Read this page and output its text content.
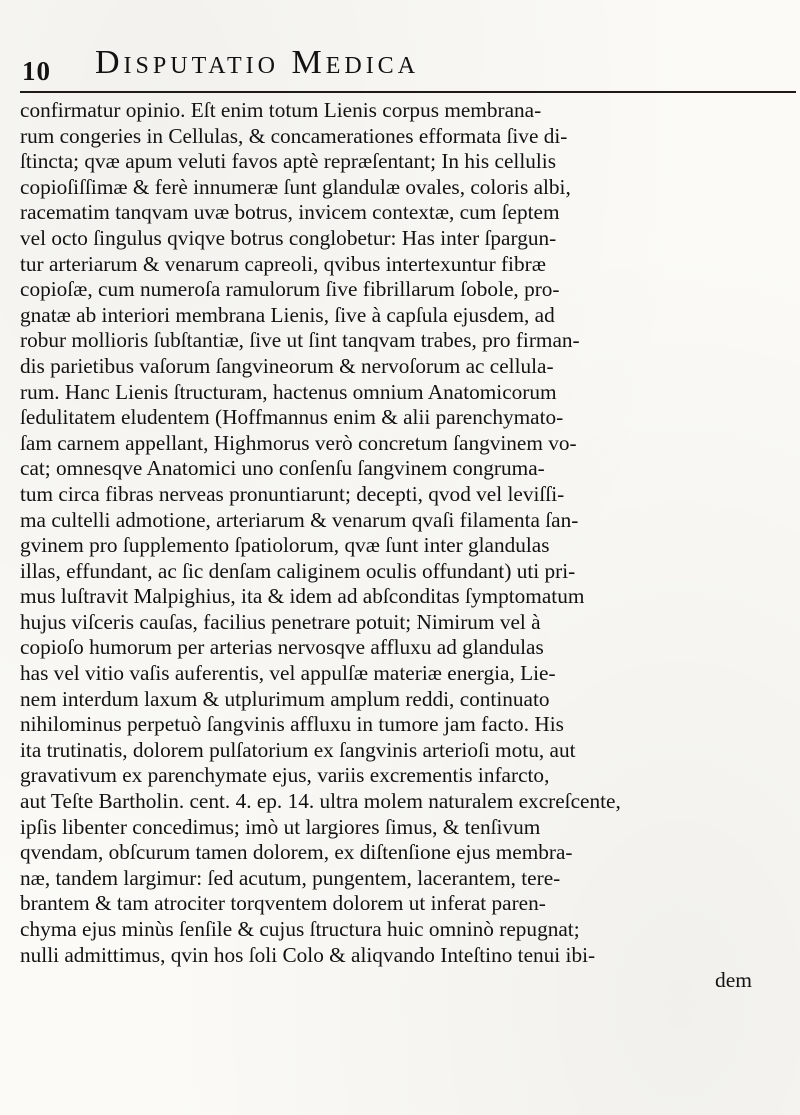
10 Disputatio Medica
confirmatur opinio. Eſt enim totum Lienis corpus membrana-
rum congeries in Cellulas, & concamerationes efformata ſive di-
ſtincta; qvæ apum veluti favos aptè repræſentant; In his cellulis
copioſiſſimæ & ferè innumeræ ſunt glandulæ ovales, coloris albi,
racematim tanqvam uvæ botrus, invicem contextæ, cum ſeptem
vel octo ſingulus qviqve botrus conglobetur: Has inter ſpargun-
tur arteriarum & venarum capreoli, qvibus intertexuntur fibræ
copioſæ, cum numeroſa ramulorum ſive fibrillarum ſobole, pro-
gnatæ ab interiori membrana Lienis, ſive à capſula ejusdem, ad
robur mollioris ſubſtantiæ, ſive ut ſint tanqvam trabes, pro firman-
dis parietibus vaſorum ſangvineorum & nervoſorum ac cellula-
rum. Hanc Lienis ſtructuram, hactenus omnium Anatomicorum
ſedulitatem eludentem (Hoffmannus enim & alii parenchymato-
ſam carnem appellant, Highmorus verò concretum ſangvinem vo-
cat; omnesqve Anatomici uno conſenſu ſangvinem congruma-
tum circa fibras nerveas pronuntiarunt; decepti, qvod vel leviſſi-
ma cultelli admotione, arteriarum & venarum qvaſi filamenta ſan-
gvinem pro ſupplemento ſpatiolorum, qvæ ſunt inter glandulas
illas, effundant, ac ſic denſam caliginem oculis offundant) uti pri-
mus luſtravit Malpighius, ita & idem ad abſconditas ſymptomatum
hujus viſceris cauſas, facilius penetrare potuit; Nimirum vel à
copioſo humorum per arterias nervosqve affluxu ad glandulas
has vel vitio vaſis auferentis, vel appulſæ materiæ energia, Lie-
nem interdum laxum & utplurimum amplum reddi, continuato
nihilominus perpetuò ſangvinis affluxu in tumore jam facto. His
ita trutinatis, dolorem pulſatorium ex ſangvinis arterioſi motu, aut
gravativum ex parenchymate ejus, variis excrementis infarcto,
aut Teſte Bartholin. cent. 4. ep. 14. ultra molem naturalem excreſcente,
ipſis libenter concedimus; imò ut largiores ſimus, & tenſivum
qvendam, obſcurum tamen dolorem, ex diſtenſione ejus membra-
næ, tandem largimur: ſed acutum, pungentem, lacerantem, tere-
brantem & tam atrociter torqventem dolorem ut inferat paren-
chyma ejus minùs ſenſile & cujus ſtructura huic omninò repugnat;
nulli admittimus, qvin hos ſoli Colo & aliqvando Inteſtino tenui ibi-
dem
